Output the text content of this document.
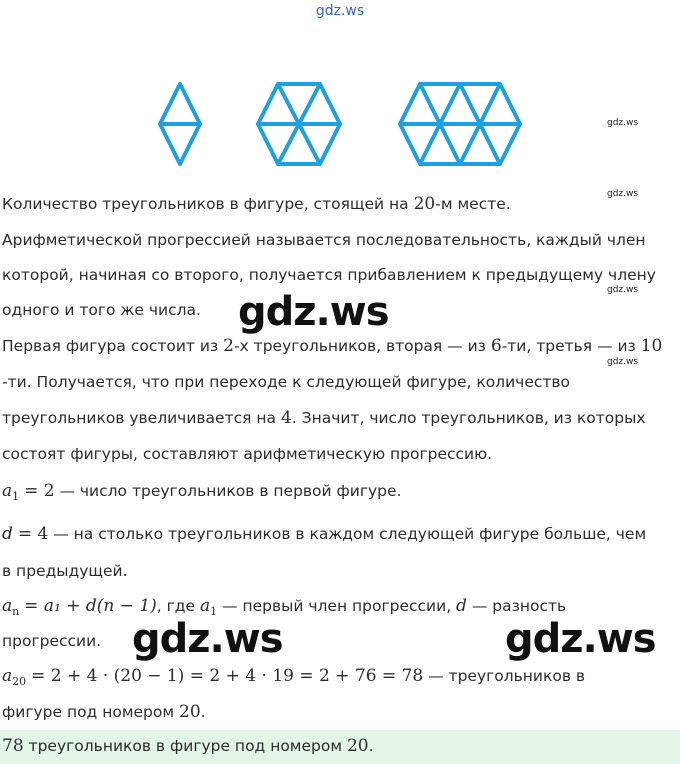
gdz.ws
gdz.ws
gdz.ws
gdz.ws
gdz.ws
Количество треугольников в фигуре, стоящей на 20-м месте.
Арифметической прогрессией называется последовательность, каждый член
которой, начиная со второго, получается прибавлением к предыдущему члену
одного и того же числа. gdz.ws
Первая фигура состоит из 2-х треугольников, вторая — из 6-ти, третья — из 10
-ти. Получается, что при переходе к следующей фигуре, количество
треугольников увеличивается на 4. Значит, число треугольников, из которых
состоят фигуры, составляют арифметическую прогрессию.
$a_1 = 2$ — число треугольников в первой фигуре.
d = 4 — на столько треугольников в каждом следующей фигуре больше, чем
в предыдущей.
$a_n = a_1 + d(n - 1)$, где $a_1$ — первый член прогрессии, d — разность
прогрессии. gdz.ws	gdz.ws
$a_{20} = 2 + 4 \cdot (20 - 1) = 2 + 4 \cdot 19 = 2 + 76 = 78$ — треугольников в
фигуре под номером 20.
78 треугольников в фигуре под номером 20.
